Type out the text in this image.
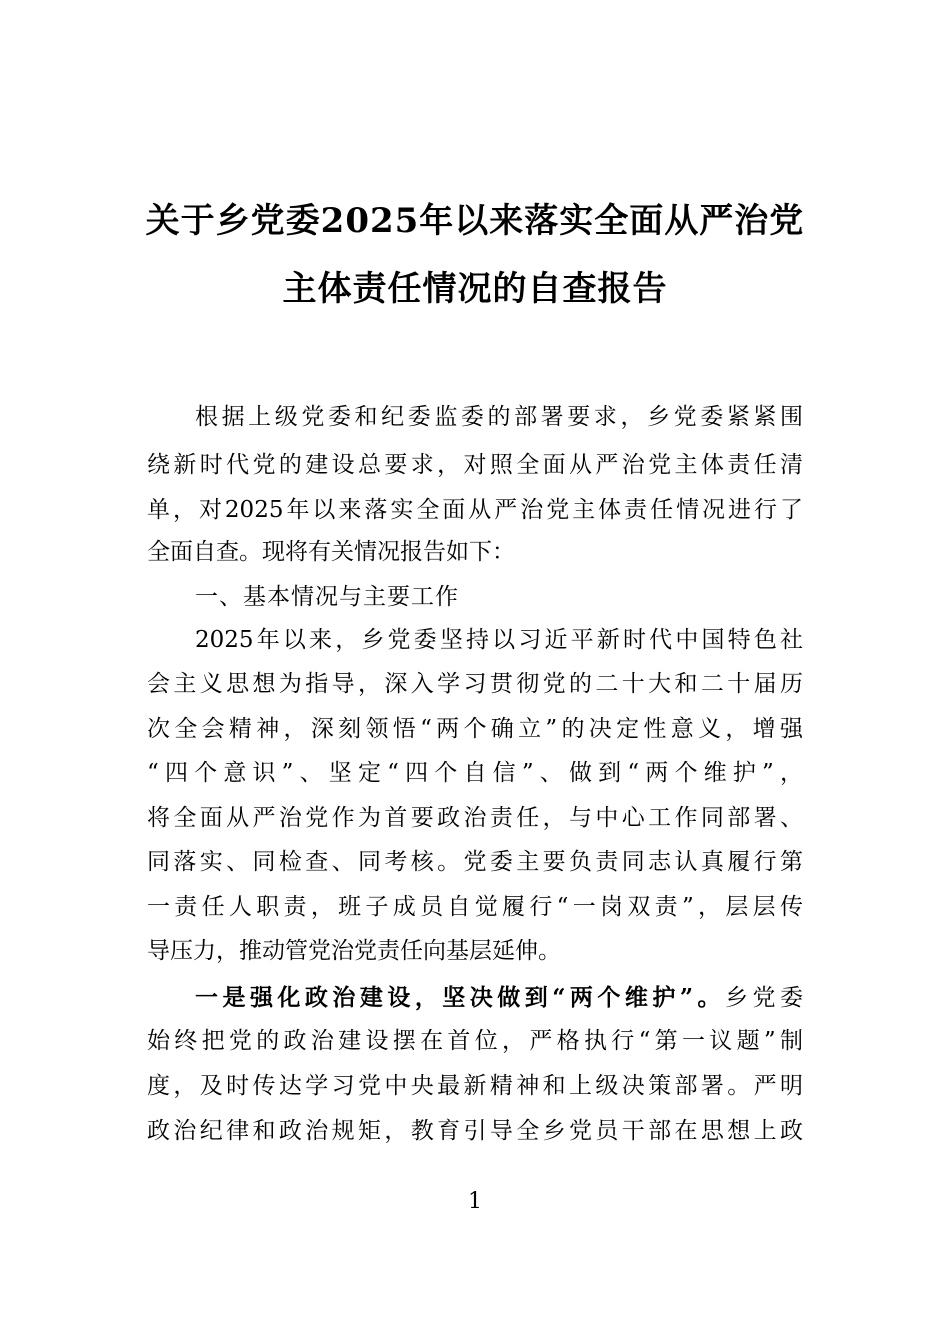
关于乡党委2025年以来落实全面从严治党
主体责任情况的自查报告
根据上级党委和纪委监委的部署要求，乡党委紧紧围
绕新时代党的建设总要求，对照全面从严治党主体责任清
单，对2025年以来落实全面从严治党主体责任情况进行了
全面自查。现将有关情况报告如下：
一、基本情况与主要工作
2025年以来，乡党委坚持以习近平新时代中国特色社
会主义思想为指导，深入学习贯彻党的二十大和二十届历
次全会精神，深刻领悟“两个确立”的决定性意义，增强
“四个意识”、坚定“四个自信”、做到“两个维护”，
将全面从严治党作为首要政治责任，与中心工作同部署、
同落实、同检查、同考核。党委主要负责同志认真履行第
一责任人职责，班子成员自觉履行“一岗双责”，层层传
导压力，推动管党治党责任向基层延伸。
一是强化政治建设，坚决做到“两个维护”。乡党委
始终把党的政治建设摆在首位，严格执行“第一议题”制
度，及时传达学习党中央最新精神和上级决策部署。严明
政治纪律和政治规矩，教育引导全乡党员干部在思想上政
1
